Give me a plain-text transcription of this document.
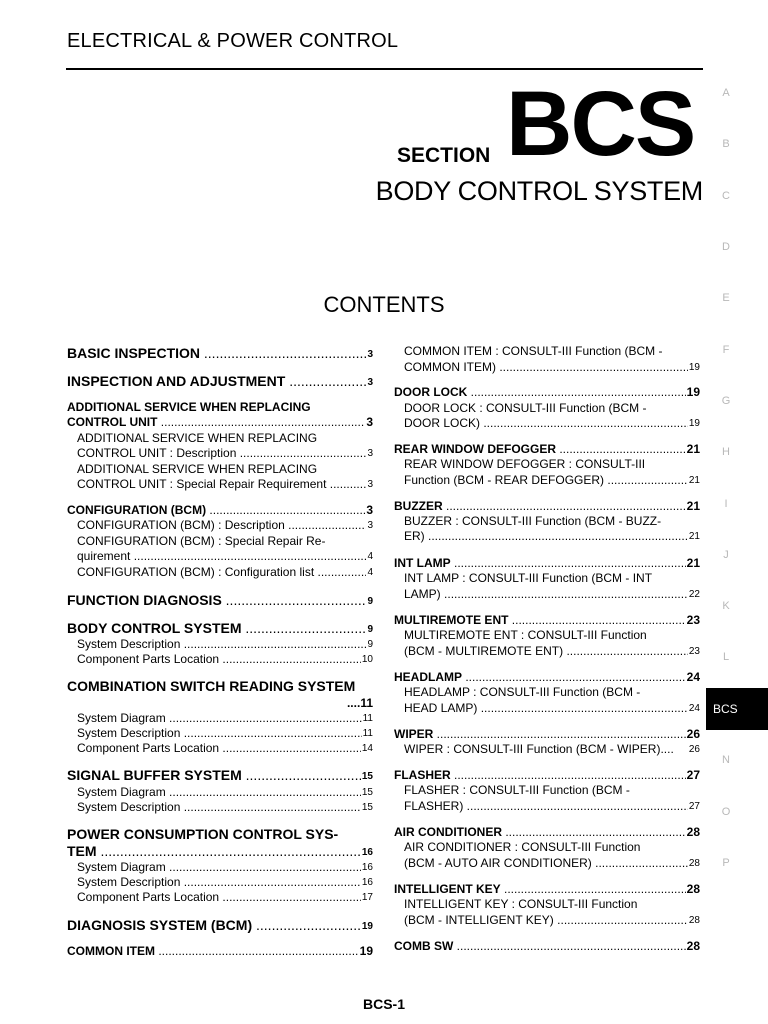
ELECTRICAL & POWER CONTROL
SECTION BCS
BODY CONTROL SYSTEM
CONTENTS
BASIC INSPECTION .....	3
INSPECTION AND ADJUSTMENT .....	3
ADDITIONAL SERVICE WHEN REPLACING
CONTROL UNIT .....	3
ADDITIONAL SERVICE WHEN REPLACING
CONTROL UNIT : Description .....	3
ADDITIONAL SERVICE WHEN REPLACING
CONTROL UNIT : Special Repair Requirement .....	3
CONFIGURATION (BCM) .....	3
CONFIGURATION (BCM) : Description .....	3
CONFIGURATION (BCM) : Special Repair Re-
quirement .....	4
CONFIGURATION (BCM) : Configuration list .....	4
FUNCTION DIAGNOSIS .....	9
BODY CONTROL SYSTEM .....	9
System Description .....	9
Component Parts Location .....	10
COMBINATION SWITCH READING SYSTEM
....11
System Diagram .....	11
System Description .....	11
Component Parts Location .....	14
SIGNAL BUFFER SYSTEM .....	15
System Diagram .....	15
System Description .....	15
POWER CONSUMPTION CONTROL SYS-
TEM .....	16
System Diagram .....	16
System Description .....	16
Component Parts Location .....	17
DIAGNOSIS SYSTEM (BCM) .....	19
COMMON ITEM .....	19
COMMON ITEM : CONSULT-III Function (BCM -
COMMON ITEM) .....	19
DOOR LOCK .....	19
DOOR LOCK : CONSULT-III Function (BCM -
DOOR LOCK) .....	19
REAR WINDOW DEFOGGER .....	21
REAR WINDOW DEFOGGER : CONSULT-III
Function (BCM - REAR DEFOGGER) .....	21
BUZZER .....	21
BUZZER : CONSULT-III Function (BCM - BUZZ-
ER) .....	21
INT LAMP .....	21
INT LAMP : CONSULT-III Function (BCM - INT
LAMP) .....	22
MULTIREMOTE ENT .....	23
MULTIREMOTE ENT : CONSULT-III Function
(BCM - MULTIREMOTE ENT) .....	23
HEADLAMP .....	24
HEADLAMP : CONSULT-III Function (BCM -
HEAD LAMP) .....	24
WIPER .....	26
WIPER : CONSULT-III Function (BCM - WIPER).... 26
FLASHER .....	27
FLASHER : CONSULT-III Function (BCM -
FLASHER) .....	27
AIR CONDITIONER .....	28
AIR CONDITIONER : CONSULT-III Function
(BCM - AUTO AIR CONDITIONER) .....	28
INTELLIGENT KEY .....	28
INTELLIGENT KEY : CONSULT-III Function
(BCM - INTELLIGENT KEY) .....	28
COMB SW .....	28
A
B
C
D
E
F
G
H
I
J
K
L
BCS
N
O
P
BCS-1
